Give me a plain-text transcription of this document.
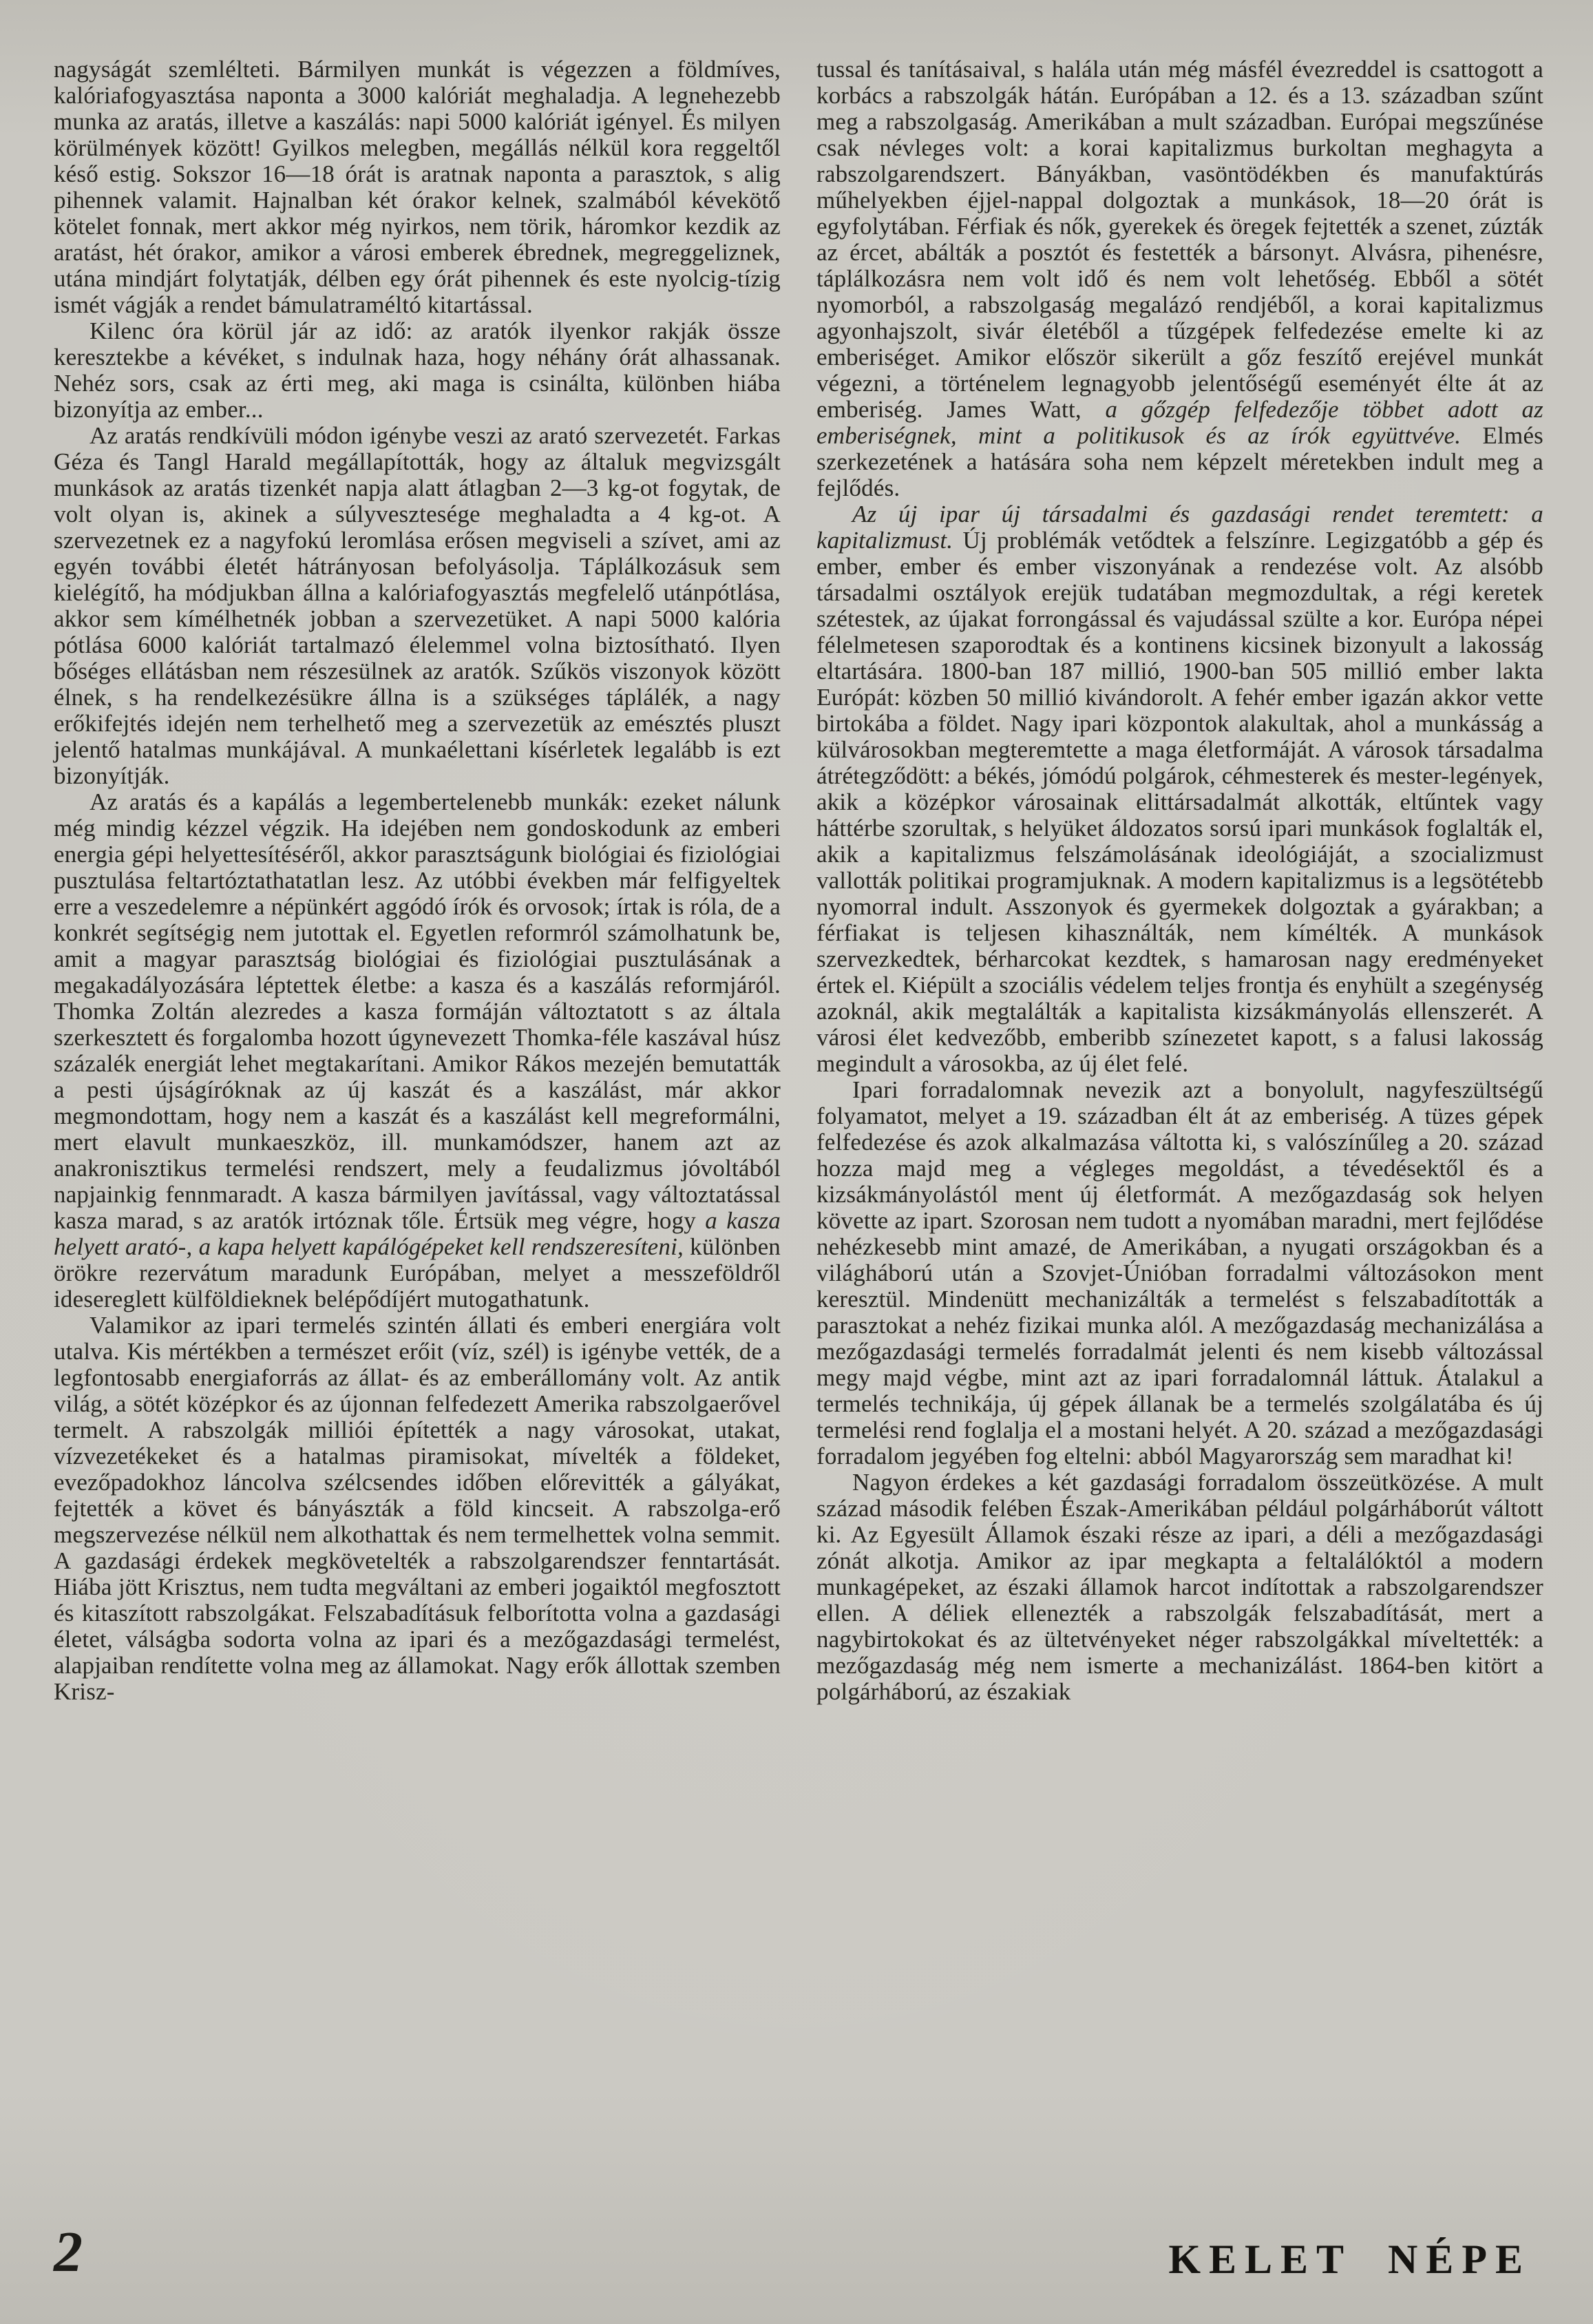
nagyságát szemlélteti. Bármilyen munkát is végezzen a földmíves, kalóriafogyasztása naponta a 3000 kalóriát meghaladja. A legnehezebb munka az aratás, illetve a kaszálás: napi 5000 kalóriát igényel. És milyen körülmények között! Gyilkos melegben, megállás nélkül kora reggeltől késő estig. Sokszor 16—18 órát is aratnak naponta a parasztok, s alig pihennek valamit. Hajnalban két órakor kelnek, szalmából kévekötő kötelet fonnak, mert akkor még nyirkos, nem törik, háromkor kezdik az aratást, hét órakor, amikor a városi emberek ébrednek, megreggeliznek, utána mindjárt folytatják, délben egy órát pihennek és este nyolcig-tízig ismét vágják a rendet bámulatraméltó kitartással.

Kilenc óra körül jár az idő: az aratók ilyenkor rakják össze keresztekbe a kévéket, s indulnak haza, hogy néhány órát alhassanak. Nehéz sors, csak az érti meg, aki maga is csinálta, különben hiába bizonyítja az ember...

Az aratás rendkívüli módon igénybe veszi az arató szervezetét. Farkas Géza és Tangl Harald megállapították, hogy az általuk megvizsgált munkások az aratás tizenkét napja alatt átlagban 2—3 kg-ot fogytak, de volt olyan is, akinek a súlyvesztesége meghaladta a 4 kg-ot. A szervezetnek ez a nagyfokú leromlása erősen megviseli a szívet, ami az egyén további életét hátrányosan befolyásolja. Táplálkozásuk sem kielégítő, ha módjukban állna a kalóriafogyasztás megfelelő utánpótlása, akkor sem kímélhetnék jobban a szervezetüket. A napi 5000 kalória pótlása 6000 kalóriát tartalmazó élelemmel volna biztosítható. Ilyen bőséges ellátásban nem részesülnek az aratók. Szűkös viszonyok között élnek, s ha rendelkezésükre állna is a szükséges táplálék, a nagy erőkifejtés idején nem terhelhető meg a szervezetük az emésztés pluszt jelentő hatalmas munkájával. A munkaélettani kísérletek legalább is ezt bizonyítják.

Az aratás és a kapálás a legembertelenebb munkák: ezeket nálunk még mindig kézzel végzik. Ha idejében nem gondoskodunk az emberi energia gépi helyettesítéséről, akkor parasztságunk biológiai és fiziológiai pusztulása feltartóztathatatlan lesz. Az utóbbi években már felfigyeltek erre a veszedelemre a népünkért aggódó írók és orvosok; írtak is róla, de a konkrét segítségig nem jutottak el. Egyetlen reformról számolhatunk be, amit a magyar parasztság biológiai és fiziológiai pusztulásának a megakadályozására léptettek életbe: a kasza és a kaszálás reformjáról. Thomka Zoltán alezredes a kasza formáján változtatott s az általa szerkesztett és forgalomba hozott úgynevezett Thomka-féle kaszával húsz százalék energiát lehet megtakarítani. Amikor Rákos mezején bemutatták a pesti újságíróknak az új kaszát és a kaszálást, már akkor megmondottam, hogy nem a kaszát és a kaszálást kell megreformálni, mert elavult munkaeszköz, ill. munkamódszer, hanem azt az anakronisztikus termelési rendszert, mely a feudalizmus jóvoltából napjainkig fennmaradt. A kasza bármilyen javítással, vagy változtatással kasza marad, s az aratók irtóznak tőle. Értsük meg végre, hogy a kasza helyett arató-, a kapa helyett kapálógépeket kell rendszeresíteni, különben örökre rezervátum maradunk Európában, melyet a messzeföldről idesereglett külföldieknek belépődíjért mutogathatunk.

Valamikor az ipari termelés szintén állati és emberi energiára volt utalva. Kis mértékben a természet erőit (víz, szél) is igénybe vették, de a legfontosabb energiaforrás az állat- és az emberállomány volt. Az antik világ, a sötét középkor és az újonnan felfedezett Amerika rabszolgaerővel termelt. A rabszolgák milliói építették a nagy városokat, utakat, vízvezetékeket és a hatalmas piramisokat, mívelték a földeket, evezőpadokhoz láncolva szélcsendes időben előrevitték a gályákat, fejtették a követ és bányászták a föld kincseit. A rabszolga-erő megszervezése nélkül nem alkothattak és nem termelhettek volna semmit. A gazdasági érdekek megkövetelték a rabszolgarendszer fenntartását. Hiába jött Krisztus, nem tudta megváltani az emberi jogaiktól megfosztott és kitaszított rabszolgákat. Felszabadításuk felborította volna a gazdasági életet, válságba sodorta volna az ipari és a mezőgazdasági termelést, alapjaiban rendítette volna meg az államokat. Nagy erők állottak szemben Krisz-

tussal és tanításaival, s halála után még másfél évezreddel is csattogott a korbács a rabszolgák hátán. Európában a 12. és a 13. században szűnt meg a rabszolgaság. Amerikában a mult században. Európai megszűnése csak névleges volt: a korai kapitalizmus burkoltan meghagyta a rabszolgarendszert. Bányákban, vasöntödékben és manufaktúrás műhelyekben éjjel-nappal dolgoztak a munkások, 18—20 órát is egyfolytában. Férfiak és nők, gyerekek és öregek fejtették a szenet, zúzták az ércet, abálták a posztót és festették a bársonyt. Alvásra, pihenésre, táplálkozásra nem volt idő és nem volt lehetőség. Ebből a sötét nyomorból, a rabszolgaság megalázó rendjéből, a korai kapitalizmus agyonhajszolt, sivár életéből a tűzgépek felfedezése emelte ki az emberiséget. Amikor először sikerült a gőz feszítő erejével munkát végezni, a történelem legnagyobb jelentőségű eseményét élte át az emberiség. James Watt, a gőzgép felfedezője többet adott az emberiségnek, mint a politikusok és az írók együttvéve. Elmés szerkezetének a hatására soha nem képzelt méretekben indult meg a fejlődés.

Az új ipar új társadalmi és gazdasági rendet teremtett: a kapitalizmust. Új problémák vetődtek a felszínre. Legizgatóbb a gép és ember, ember és ember viszonyának a rendezése volt. Az alsóbb társadalmi osztályok erejük tudatában megmozdultak, a régi keretek szétestek, az újakat forrongással és vajudással szülte a kor. Európa népei félelmetesen szaporodtak és a kontinens kicsinek bizonyult a lakosság eltartására. 1800-ban 187 millió, 1900-ban 505 millió ember lakta Európát: közben 50 millió kivándorolt. A fehér ember igazán akkor vette birtokába a földet. Nagy ipari központok alakultak, ahol a munkásság a külvárosokban megteremtette a maga életformáját. A városok társadalma átrétegződött: a békés, jómódú polgárok, céhmesterek és mester-legények, akik a középkor városainak elittársadalmát alkották, eltűntek vagy háttérbe szorultak, s helyüket áldozatos sorsú ipari munkások foglalták el, akik a kapitalizmus felszámolásának ideológiáját, a szocializmust vallották politikai programjuknak. A modern kapitalizmus is a legsötétebb nyomorral indult. Asszonyok és gyermekek dolgoztak a gyárakban; a férfiakat is teljesen kihasználták, nem kímélték. A munkások szervezkedtek, bérharcokat kezdtek, s hamarosan nagy eredményeket értek el. Kiépült a szociális védelem teljes frontja és enyhült a szegénység azoknál, akik megtalálták a kapitalista kizsákmányolás ellenszerét. A városi élet kedvezőbb, emberibb színezetet kapott, s a falusi lakosság megindult a városokba, az új élet felé.

Ipari forradalomnak nevezik azt a bonyolult, nagyfeszültségű folyamatot, melyet a 19. században élt át az emberiség. A tüzes gépek felfedezése és azok alkalmazása váltotta ki, s valószínűleg a 20. század hozza majd meg a végleges megoldást, a tévedésektől és a kizsákmányolástól ment új életformát. A mezőgazdaság sok helyen követte az ipart. Szorosan nem tudott a nyomában maradni, mert fejlődése nehézkesebb mint amazé, de Amerikában, a nyugati országokban és a világháború után a Szovjet-Únióban forradalmi változásokon ment keresztül. Mindenütt mechanizálták a termelést s felszabadították a parasztokat a nehéz fizikai munka alól. A mezőgazdaság mechanizálása a mezőgazdasági termelés forradalmát jelenti és nem kisebb változással megy majd végbe, mint azt az ipari forradalomnál láttuk. Átalakul a termelés technikája, új gépek állanak be a termelés szolgálatába és új termelési rend foglalja el a mostani helyét. A 20. század a mezőgazdasági forradalom jegyében fog eltelni: abból Magyarország sem maradhat ki!

Nagyon érdekes a két gazdasági forradalom összeütközése. A mult század második felében Észak-Amerikában például polgárháborút váltott ki. Az Egyesült Államok északi része az ipari, a déli a mezőgazdasági zónát alkotja. Amikor az ipar megkapta a feltalálóktól a modern munkagépeket, az északi államok harcot indítottak a rabszolgarendszer ellen. A déliek ellenezték a rabszolgák felszabadítását, mert a nagybirtokokat és az ültetvényeket néger rabszolgákkal míveltették: a mezőgazdaság még nem ismerte a mechanizálást. 1864-ben kitört a polgárháború, az északiak

2	KELET NÉPE
